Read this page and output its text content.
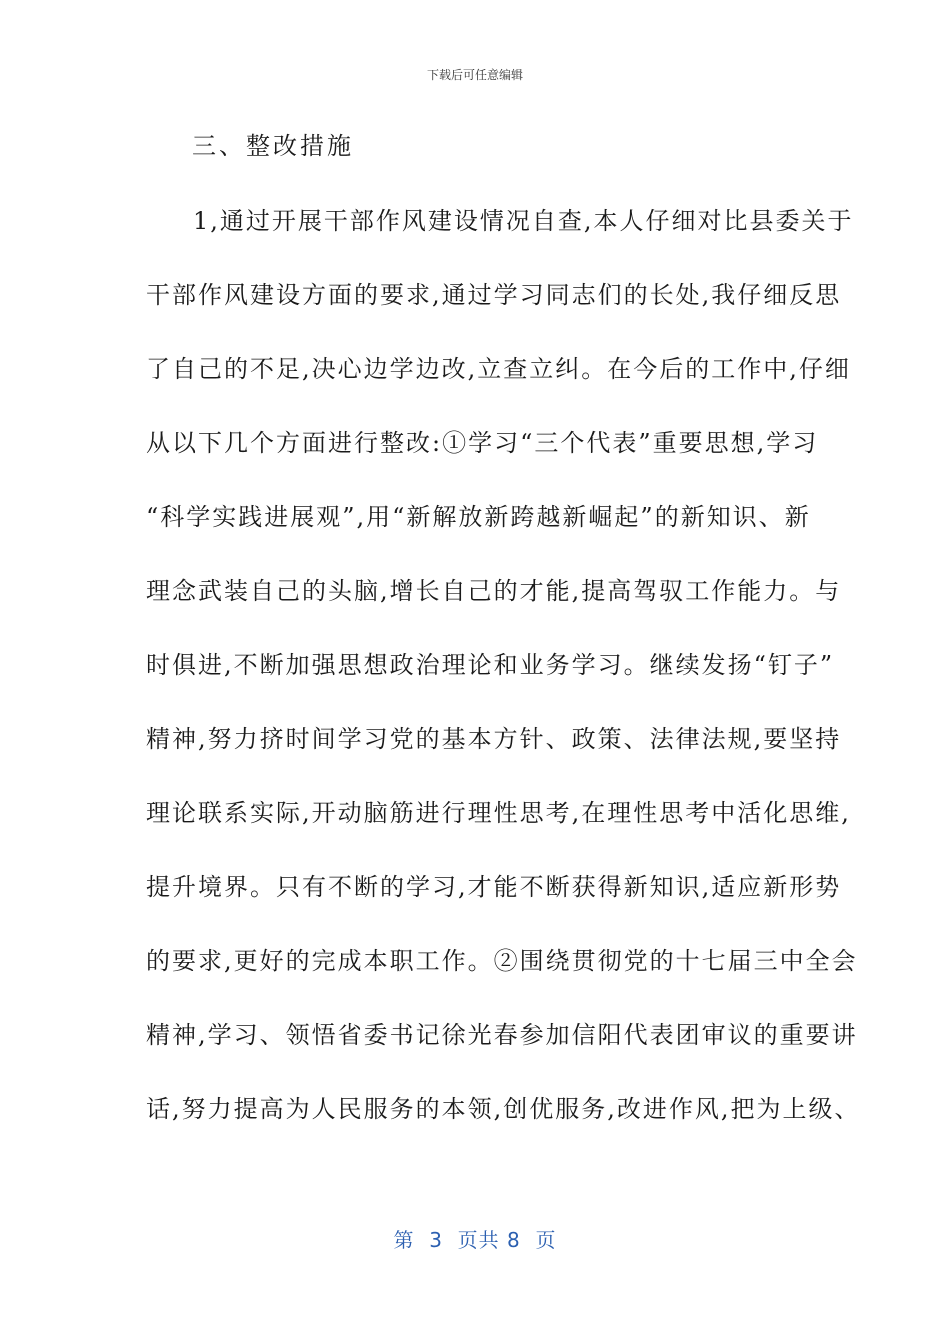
下载后可任意编辑
三、整改措施
1,通过开展干部作风建设情况自查,本人仔细对比县委关于
干部作风建设方面的要求,通过学习同志们的长处,我仔细反思
了自己的不足,决心边学边改,立查立纠。在今后的工作中,仔细
从以下几个方面进行整改:①学习“三个代表”重要思想,学习
“科学实践进展观”,用“新解放新跨越新崛起”的新知识、新
理念武装自己的头脑,增长自己的才能,提高驾驭工作能力。与
时俱进,不断加强思想政治理论和业务学习。继续发扬“钉子”
精神,努力挤时间学习党的基本方针、政策、法律法规,要坚持
理论联系实际,开动脑筋进行理性思考,在理性思考中活化思维,
提升境界。只有不断的学习,才能不断获得新知识,适应新形势
的要求,更好的完成本职工作。②围绕贯彻党的十七届三中全会
精神,学习、领悟省委书记徐光春参加信阳代表团审议的重要讲
话,努力提高为人民服务的本领,创优服务,改进作风,把为上级、
第  3  页共 8  页
